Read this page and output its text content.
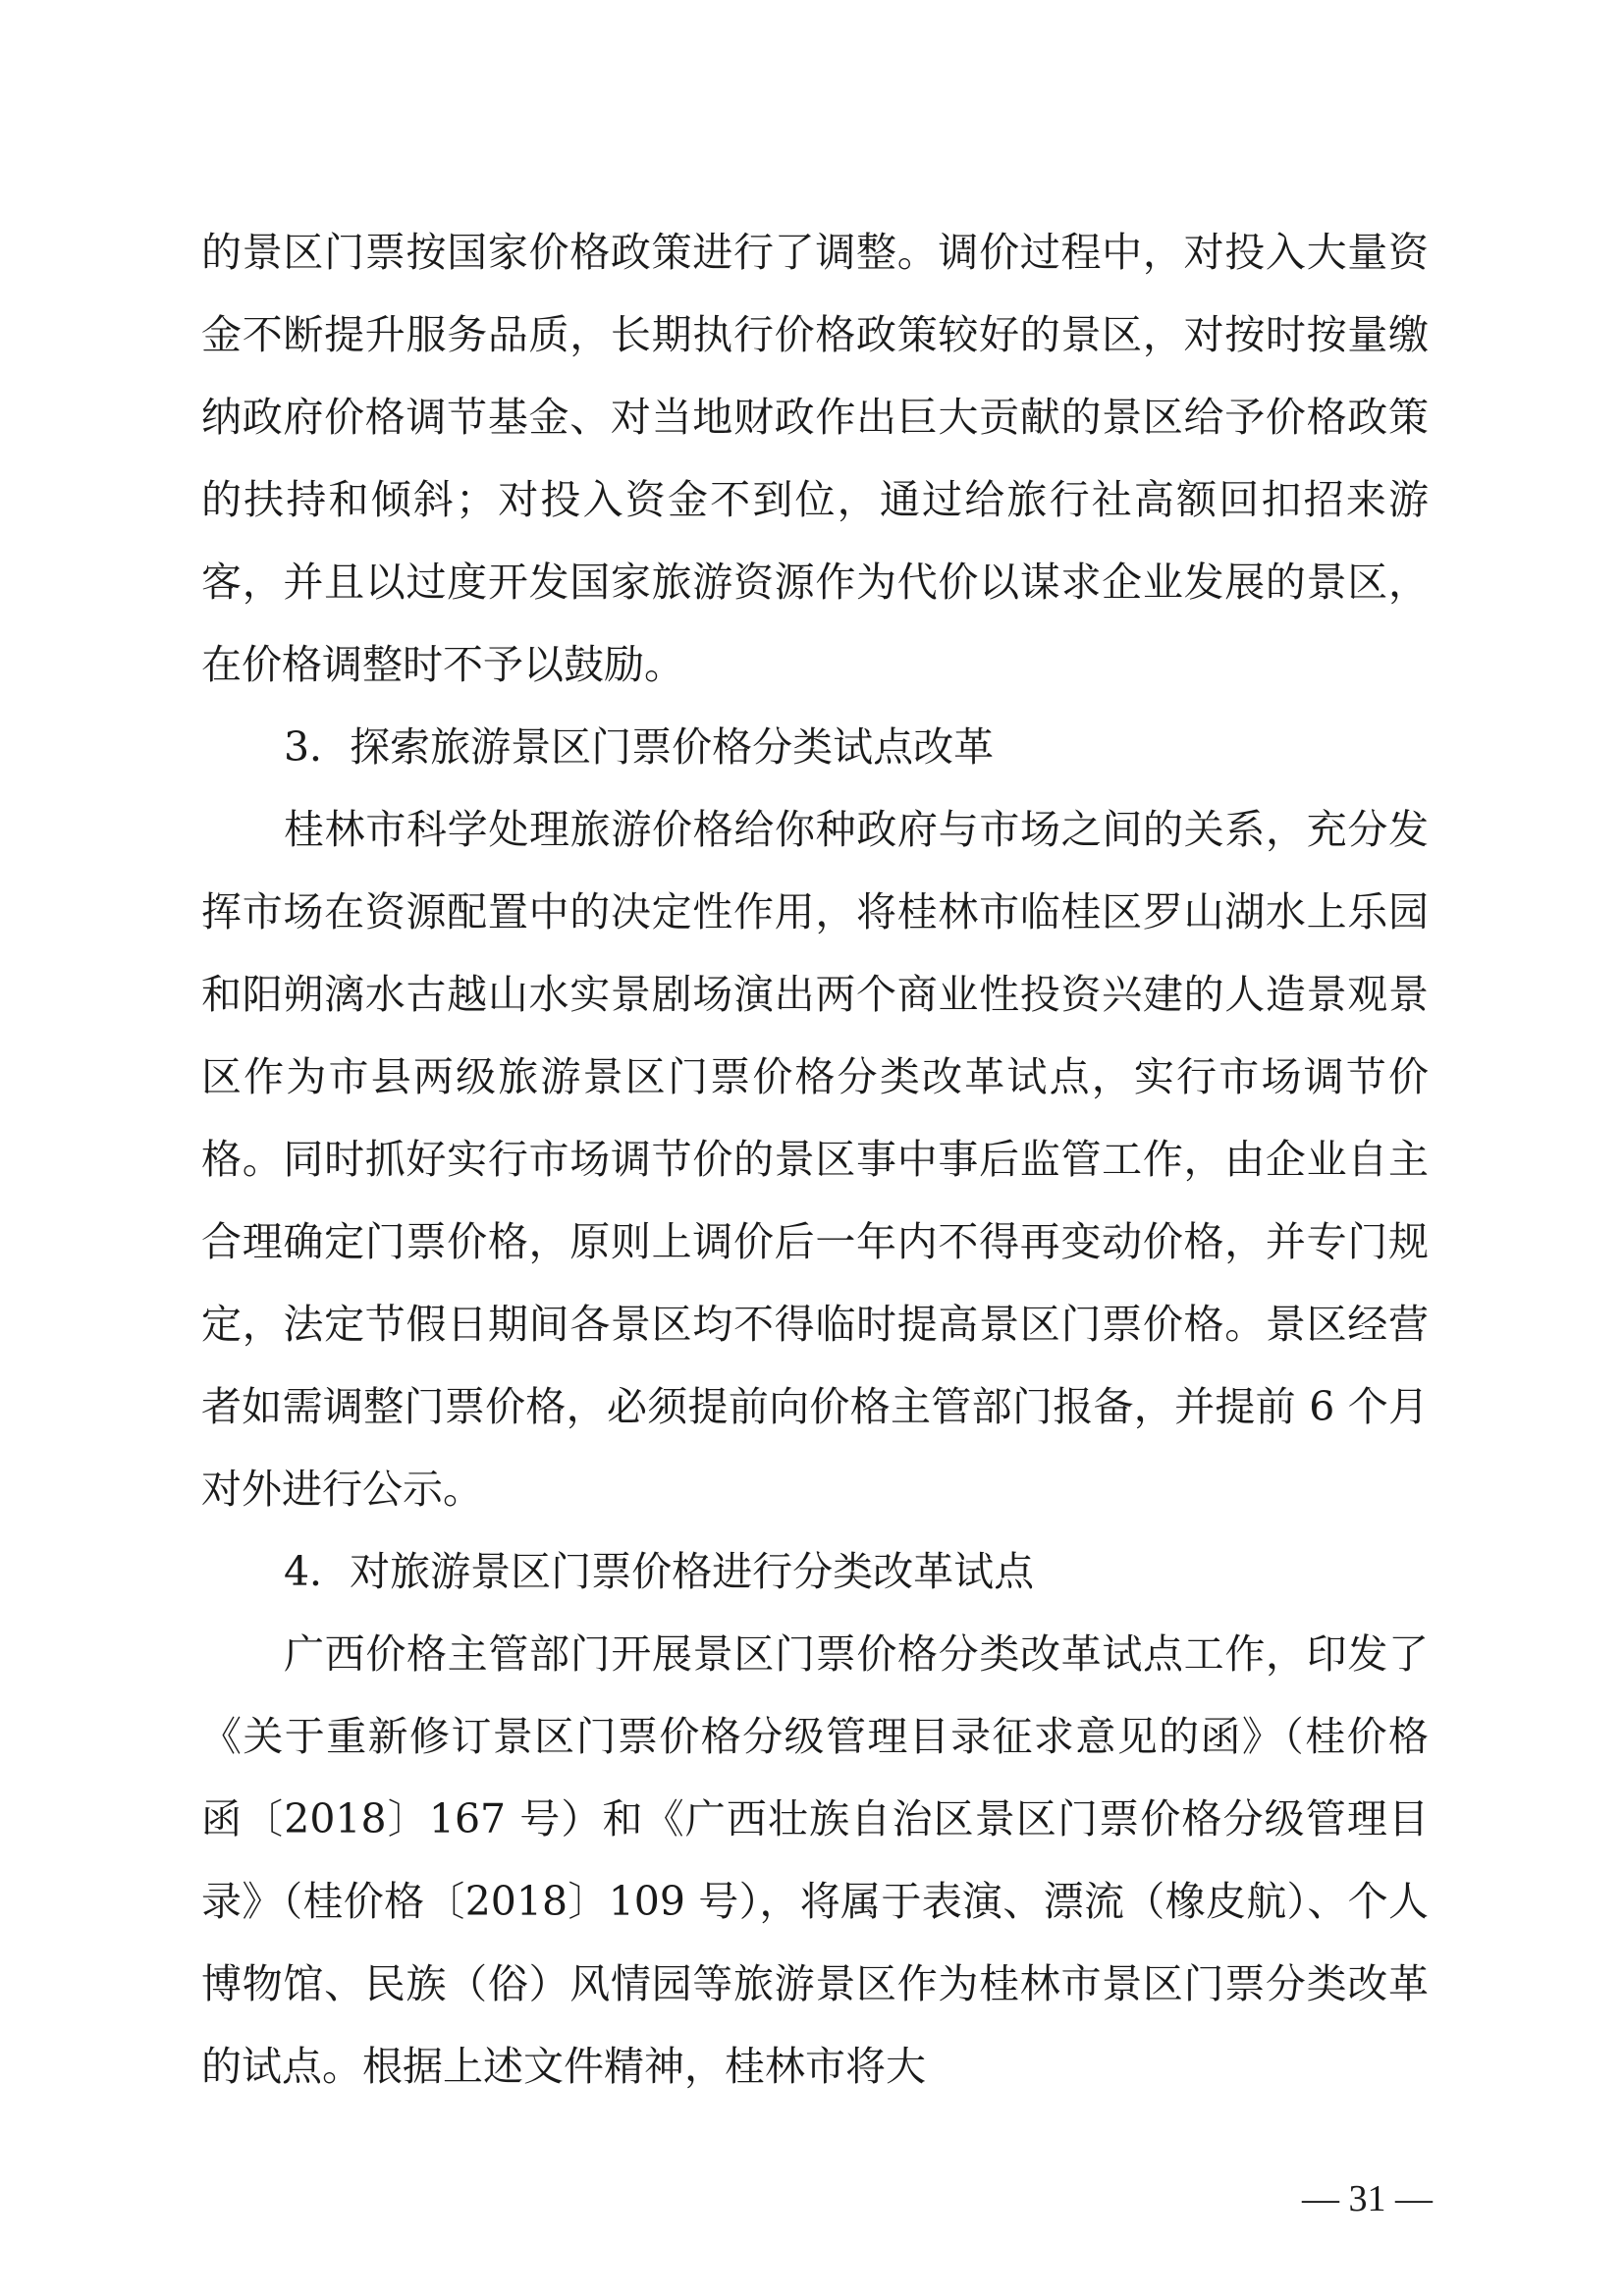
的景区门票按国家价格政策进行了调整。调价过程中，对投入大量资金不断提升服务品质，长期执行价格政策较好的景区，对按时按量缴纳政府价格调节基金、对当地财政作出巨大贡献的景区给予价格政策的扶持和倾斜；对投入资金不到位，通过给旅行社高额回扣招来游客，并且以过度开发国家旅游资源作为代价以谋求企业发展的景区，在价格调整时不予以鼓励。

3．探索旅游景区门票价格分类试点改革

桂林市科学处理旅游价格给你种政府与市场之间的关系，充分发挥市场在资源配置中的决定性作用，将桂林市临桂区罗山湖水上乐园和阳朔漓水古越山水实景剧场演出两个商业性投资兴建的人造景观景区作为市县两级旅游景区门票价格分类改革试点，实行市场调节价格。同时抓好实行市场调节价的景区事中事后监管工作，由企业自主合理确定门票价格，原则上调价后一年内不得再变动价格，并专门规定，法定节假日期间各景区均不得临时提高景区门票价格。景区经营者如需调整门票价格，必须提前向价格主管部门报备，并提前 6 个月对外进行公示。

4．对旅游景区门票价格进行分类改革试点

广西价格主管部门开展景区门票价格分类改革试点工作，印发了《关于重新修订景区门票价格分级管理目录征求意见的函》（桂价格函〔2018〕167 号）和《广西壮族自治区景区门票价格分级管理目录》（桂价格〔2018〕109 号），将属于表演、漂流（橡皮航）、个人博物馆、民族（俗）风情园等旅游景区作为桂林市景区门票分类改革的试点。根据上述文件精神，桂林市将大

— 31 —
